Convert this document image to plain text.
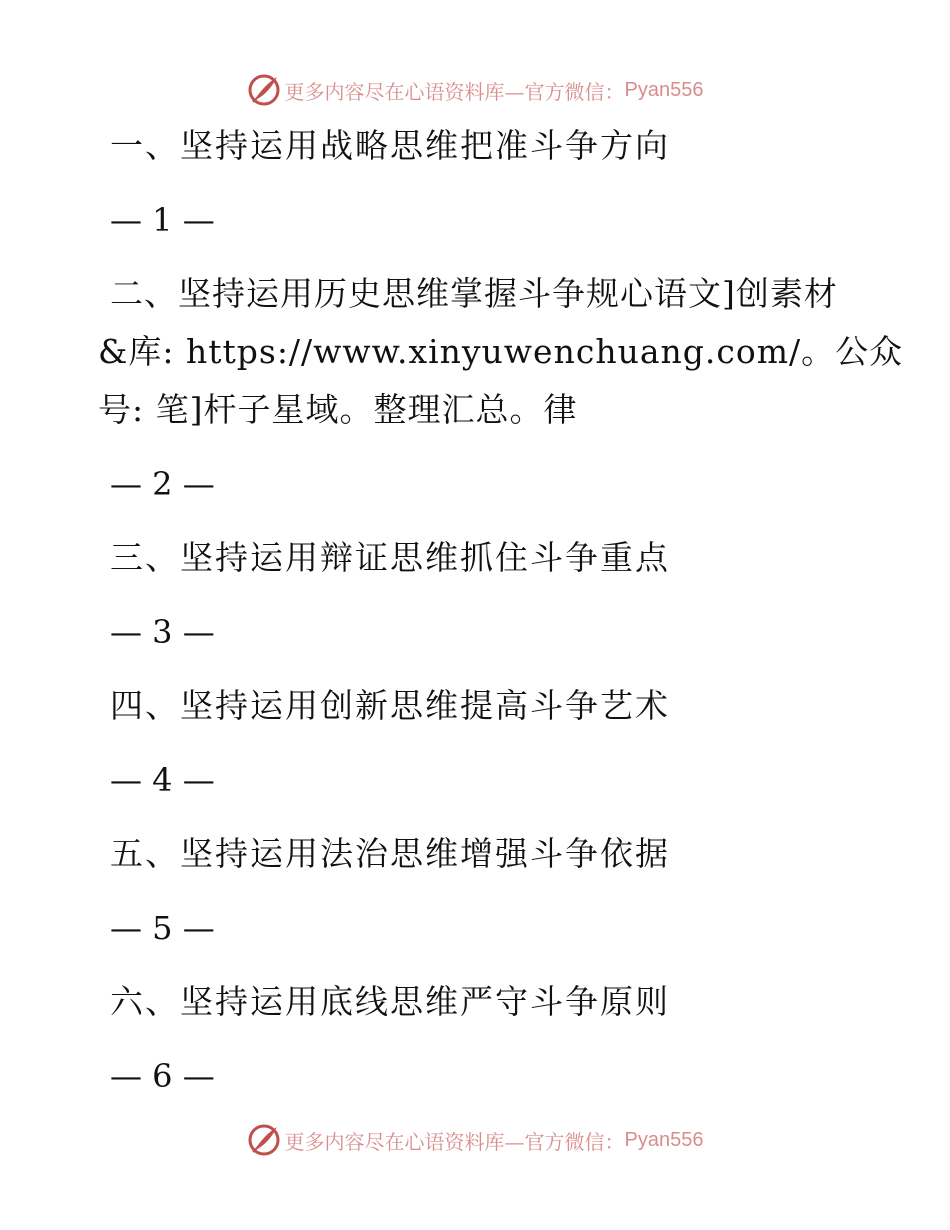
更多内容尽在心语资料库—官方微信： Pyan556
一、坚持运用战略思维把准斗争方向
— 1 —
二、坚持运用历史思维掌握斗争规心语文]创素材
&库: https://www.xinyuwenchuang.com/。公众
号: 笔]杆子星域。整理汇总。律
— 2 —
三、坚持运用辩证思维抓住斗争重点
— 3 —
四、坚持运用创新思维提高斗争艺术
— 4 —
五、坚持运用法治思维增强斗争依据
— 5 —
六、坚持运用底线思维严守斗争原则
— 6 —
更多内容尽在心语资料库—官方微信： Pyan556
